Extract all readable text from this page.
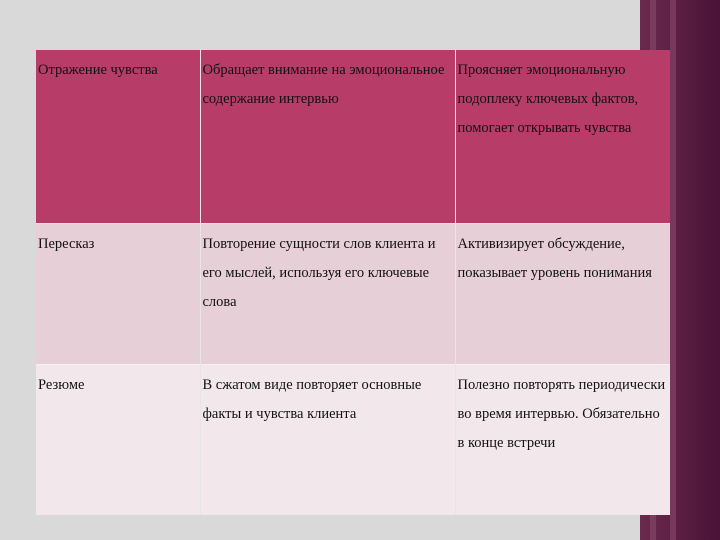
Отражение чувства	Обращает внимание на эмоциональное содержание интервью	Проясняет эмоциональную подоплеку ключевых фактов, помогает открывать чувства
Пересказ	Повторение сущности слов клиента и его мыслей, используя его ключевые слова	Активизирует обсуждение, показывает уровень понимания
Резюме	В сжатом виде повторяет основные факты и чувства клиента	Полезно повторять периодически во время интервью. Обязательно в конце встречи
